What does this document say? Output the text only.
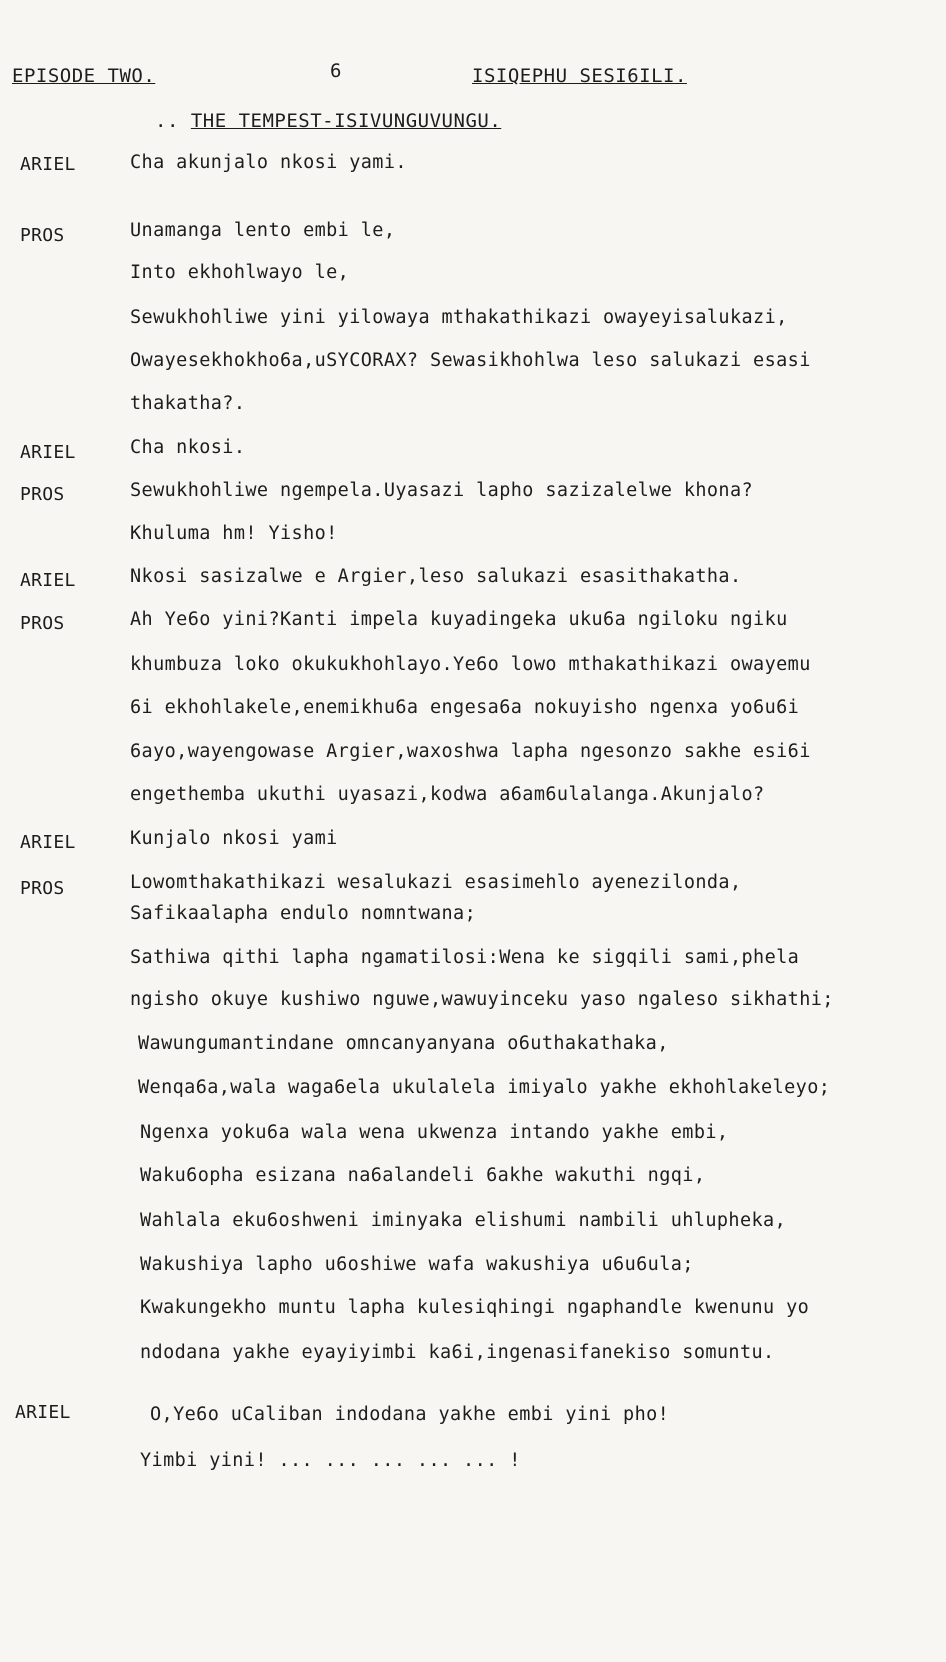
EPISODE TWO.	6	ISIQEPHU SESI6ILI.
.. THE TEMPEST-ISIVUNGUVUNGU.
ARIEL	Cha akunjalo nkosi yami.
PROS	Unamanga lento embi le,
Into ekhohlwayo le,
Sewukhohliwe yini yilowaya mthakathikazi owayeyisalukazi,
Owayesekhokho6a,uSYCORAX? Sewasikhohlwa leso salukazi esasi
thakatha?.
ARIEL	Cha nkosi.
PROS	Sewukhohliwe ngempela.Uyasazi lapho sazizalelwe khona?
Khuluma hm! Yisho!
ARIEL	Nkosi sasizalwe e Argier,leso salukazi esasithakatha.
PROS	Ah Ye6o yini?Kanti impela kuyadingeka uku6a ngiloku ngiku
khumbuza loko okukukhohlayo.Ye6o lowo mthakathikazi owayemu
6i ekhohlakele,enemikhu6a engesa6a nokuyisho ngenxa yo6u6i
6ayo,wayengowase Argier,waxoshwa lapha ngesonzo sakhe esi6i
engethemba ukuthi uyasazi,kodwa a6am6ulalanga.Akunjalo?
ARIEL	Kunjalo nkosi yami
PROS	Lowomthakathikazi wesalukazi esasimehlo ayenezilonda,
Safikaalapha endulo nomntwana;
Sathiwa qithi lapha ngamatilosi:Wena ke sigqili sami,phela
ngisho okuye kushiwo nguwe,wawuyinceku yaso ngaleso sikhathi;
Wawungumantindane omncanyanyana o6uthakathaka,
Wenqa6a,wala waga6ela ukulalela imiyalo yakhe ekhohlakeleyo;
Ngenxa yoku6a wala wena ukwenza intando yakhe embi,
Waku6opha esizana na6alandeli 6akhe wakuthi ngqi,
Wahlala eku6oshweni iminyaka elishumi nambili uhlupheka,
Wakushiya lapho u6oshiwe wafa wakushiya u6u6ula;
Kwakungekho muntu lapha kulesiqhingi ngaphandle kwenunu yo
ndodana yakhe eyayiyimbi ka6i,ingenasifanekiso somuntu.
ARIEL	O,Ye6o uCaliban indodana yakhe embi yini pho!
Yimbi yini! ... ... ... ... ... !
